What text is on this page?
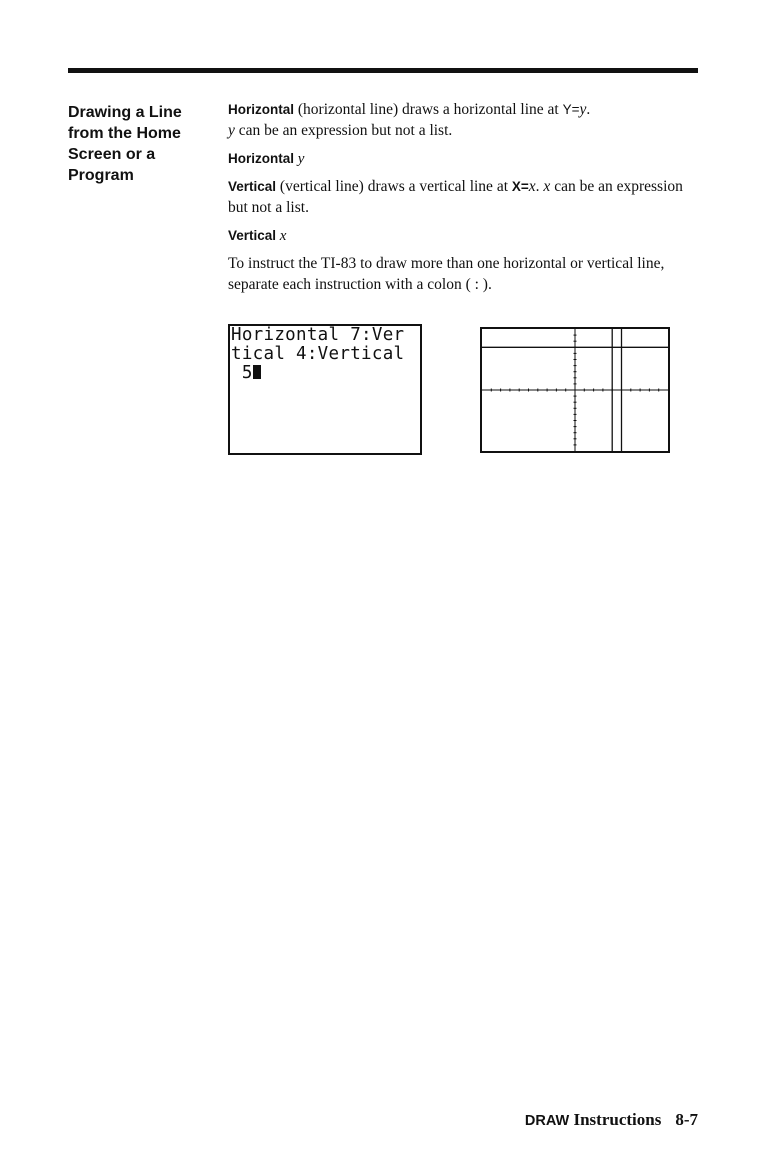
Drawing a Line
from the Home
Screen or a
Program

Horizontal (horizontal line) draws a horizontal line at Y=y.
y can be an expression but not a list.

Horizontal y

Vertical (vertical line) draws a vertical line at X=x. x can be an expression but not a list.

Vertical x

To instruct the TI-83 to draw more than one horizontal or vertical line, separate each instruction with a colon ( : ).

Horizontal 7:Ver
tical 4:Vertical
5
DRAW Instructions 8-7
